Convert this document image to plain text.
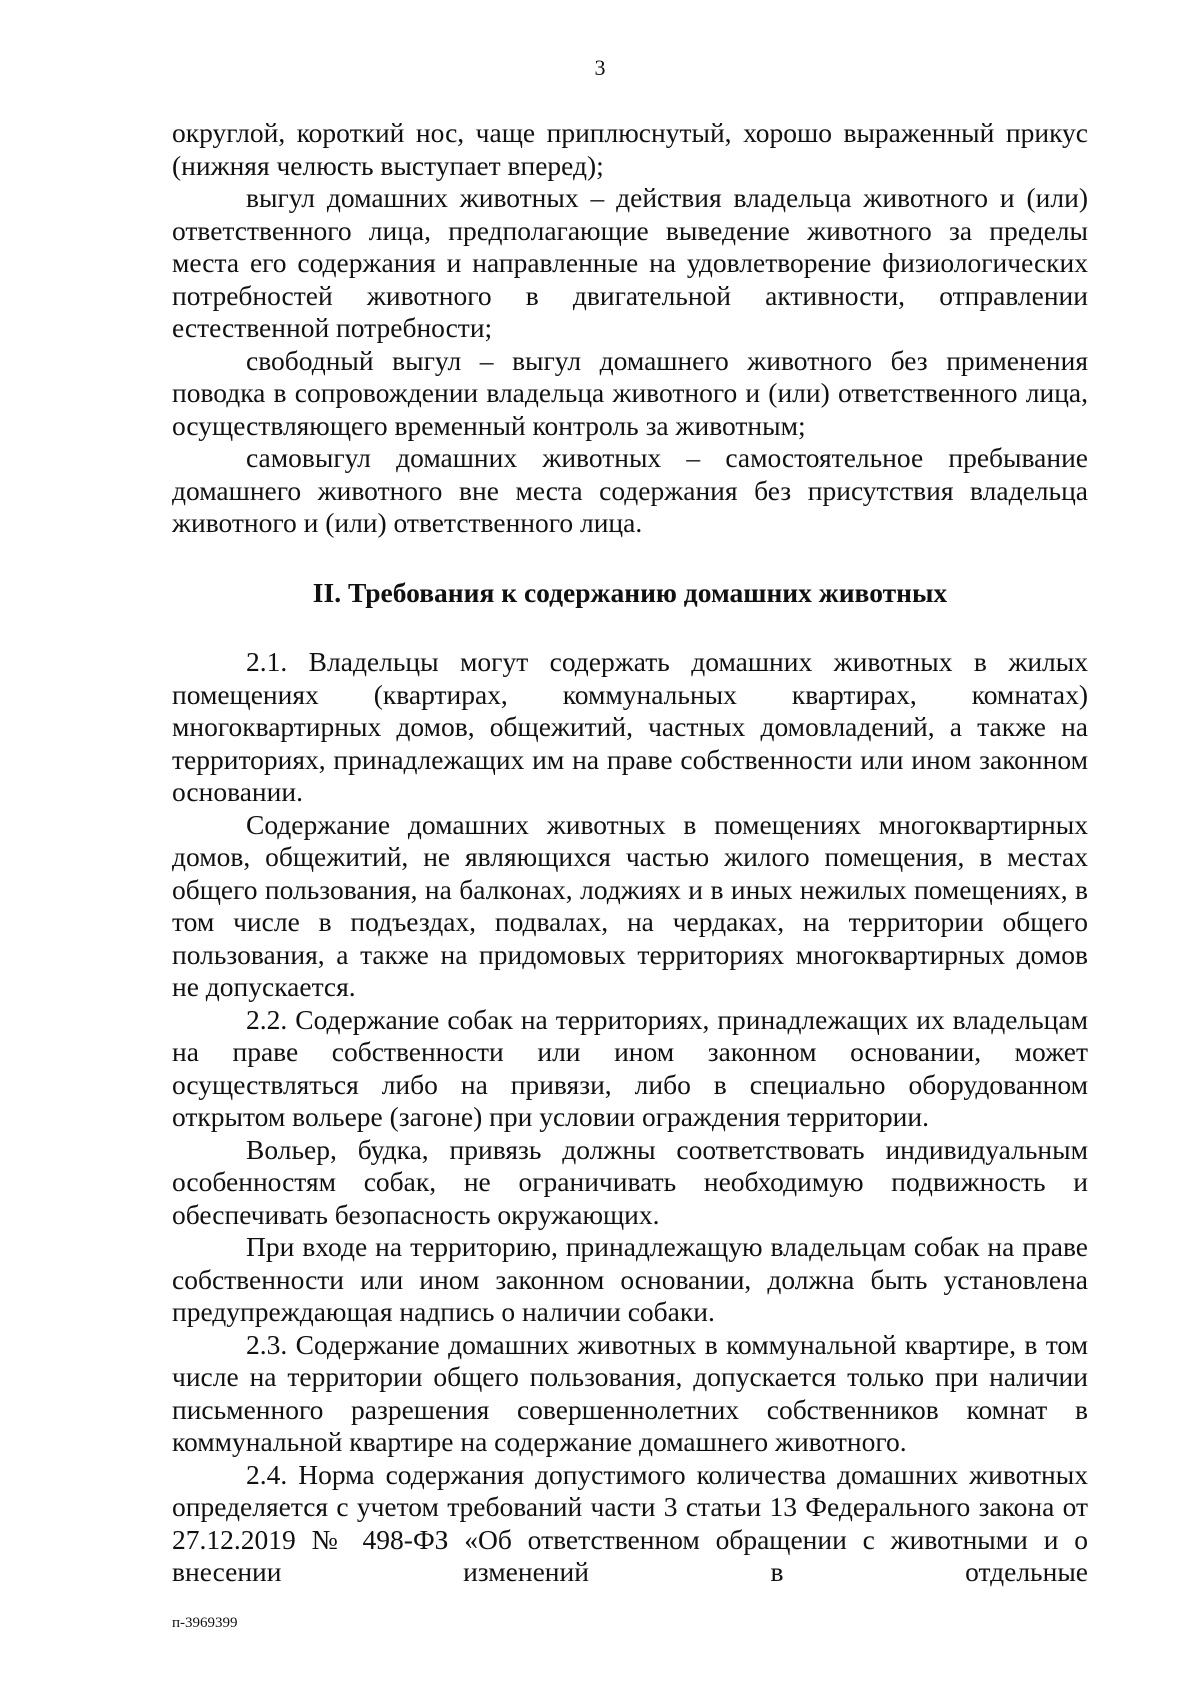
3

округлой, короткий нос, чаще приплюснутый, хорошо выраженный прикус (нижняя челюсть выступает вперед);

выгул домашних животных – действия владельца животного и (или) ответственного лица, предполагающие выведение животного за пределы места его содержания и направленные на удовлетворение физиологических потребностей животного в двигательной активности, отправлении естественной потребности;

свободный выгул – выгул домашнего животного без применения поводка в сопровождении владельца животного и (или) ответственного лица, осуществляющего временный контроль за животным;

самовыгул домашних животных – самостоятельное пребывание домашнего животного вне места содержания без присутствия владельца животного и (или) ответственного лица.

II. Требования к содержанию домашних животных

2.1. Владельцы могут содержать домашних животных в жилых помещениях (квартирах, коммунальных квартирах, комнатах) многоквартирных домов, общежитий, частных домовладений, а также на территориях, принадлежащих им на праве собственности или ином законном основании.

Содержание домашних животных в помещениях многоквартирных домов, общежитий, не являющихся частью жилого помещения, в местах общего пользования, на балконах, лоджиях и в иных нежилых помещениях, в том числе в подъездах, подвалах, на чердаках, на территории общего пользования, а также на придомовых территориях многоквартирных домов не допускается.

2.2. Содержание собак на территориях, принадлежащих их владельцам на праве собственности или ином законном основании, может осуществляться либо на привязи, либо в специально оборудованном открытом вольере (загоне) при условии ограждения территории.

Вольер, будка, привязь должны соответствовать индивидуальным особенностям собак, не ограничивать необходимую подвижность и обеспечивать безопасность окружающих.

При входе на территорию, принадлежащую владельцам собак на праве собственности или ином законном основании, должна быть установлена предупреждающая надпись о наличии собаки.

2.3. Содержание домашних животных в коммунальной квартире, в том числе на территории общего пользования, допускается только при наличии письменного разрешения совершеннолетних собственников комнат в коммунальной квартире на содержание домашнего животного.

2.4. Норма содержания допустимого количества домашних животных определяется с учетом требований части 3 статьи 13 Федерального закона от 27.12.2019 № 498-ФЗ «Об ответственном обращении с животными и о внесении изменений в отдельные

п-3969399
